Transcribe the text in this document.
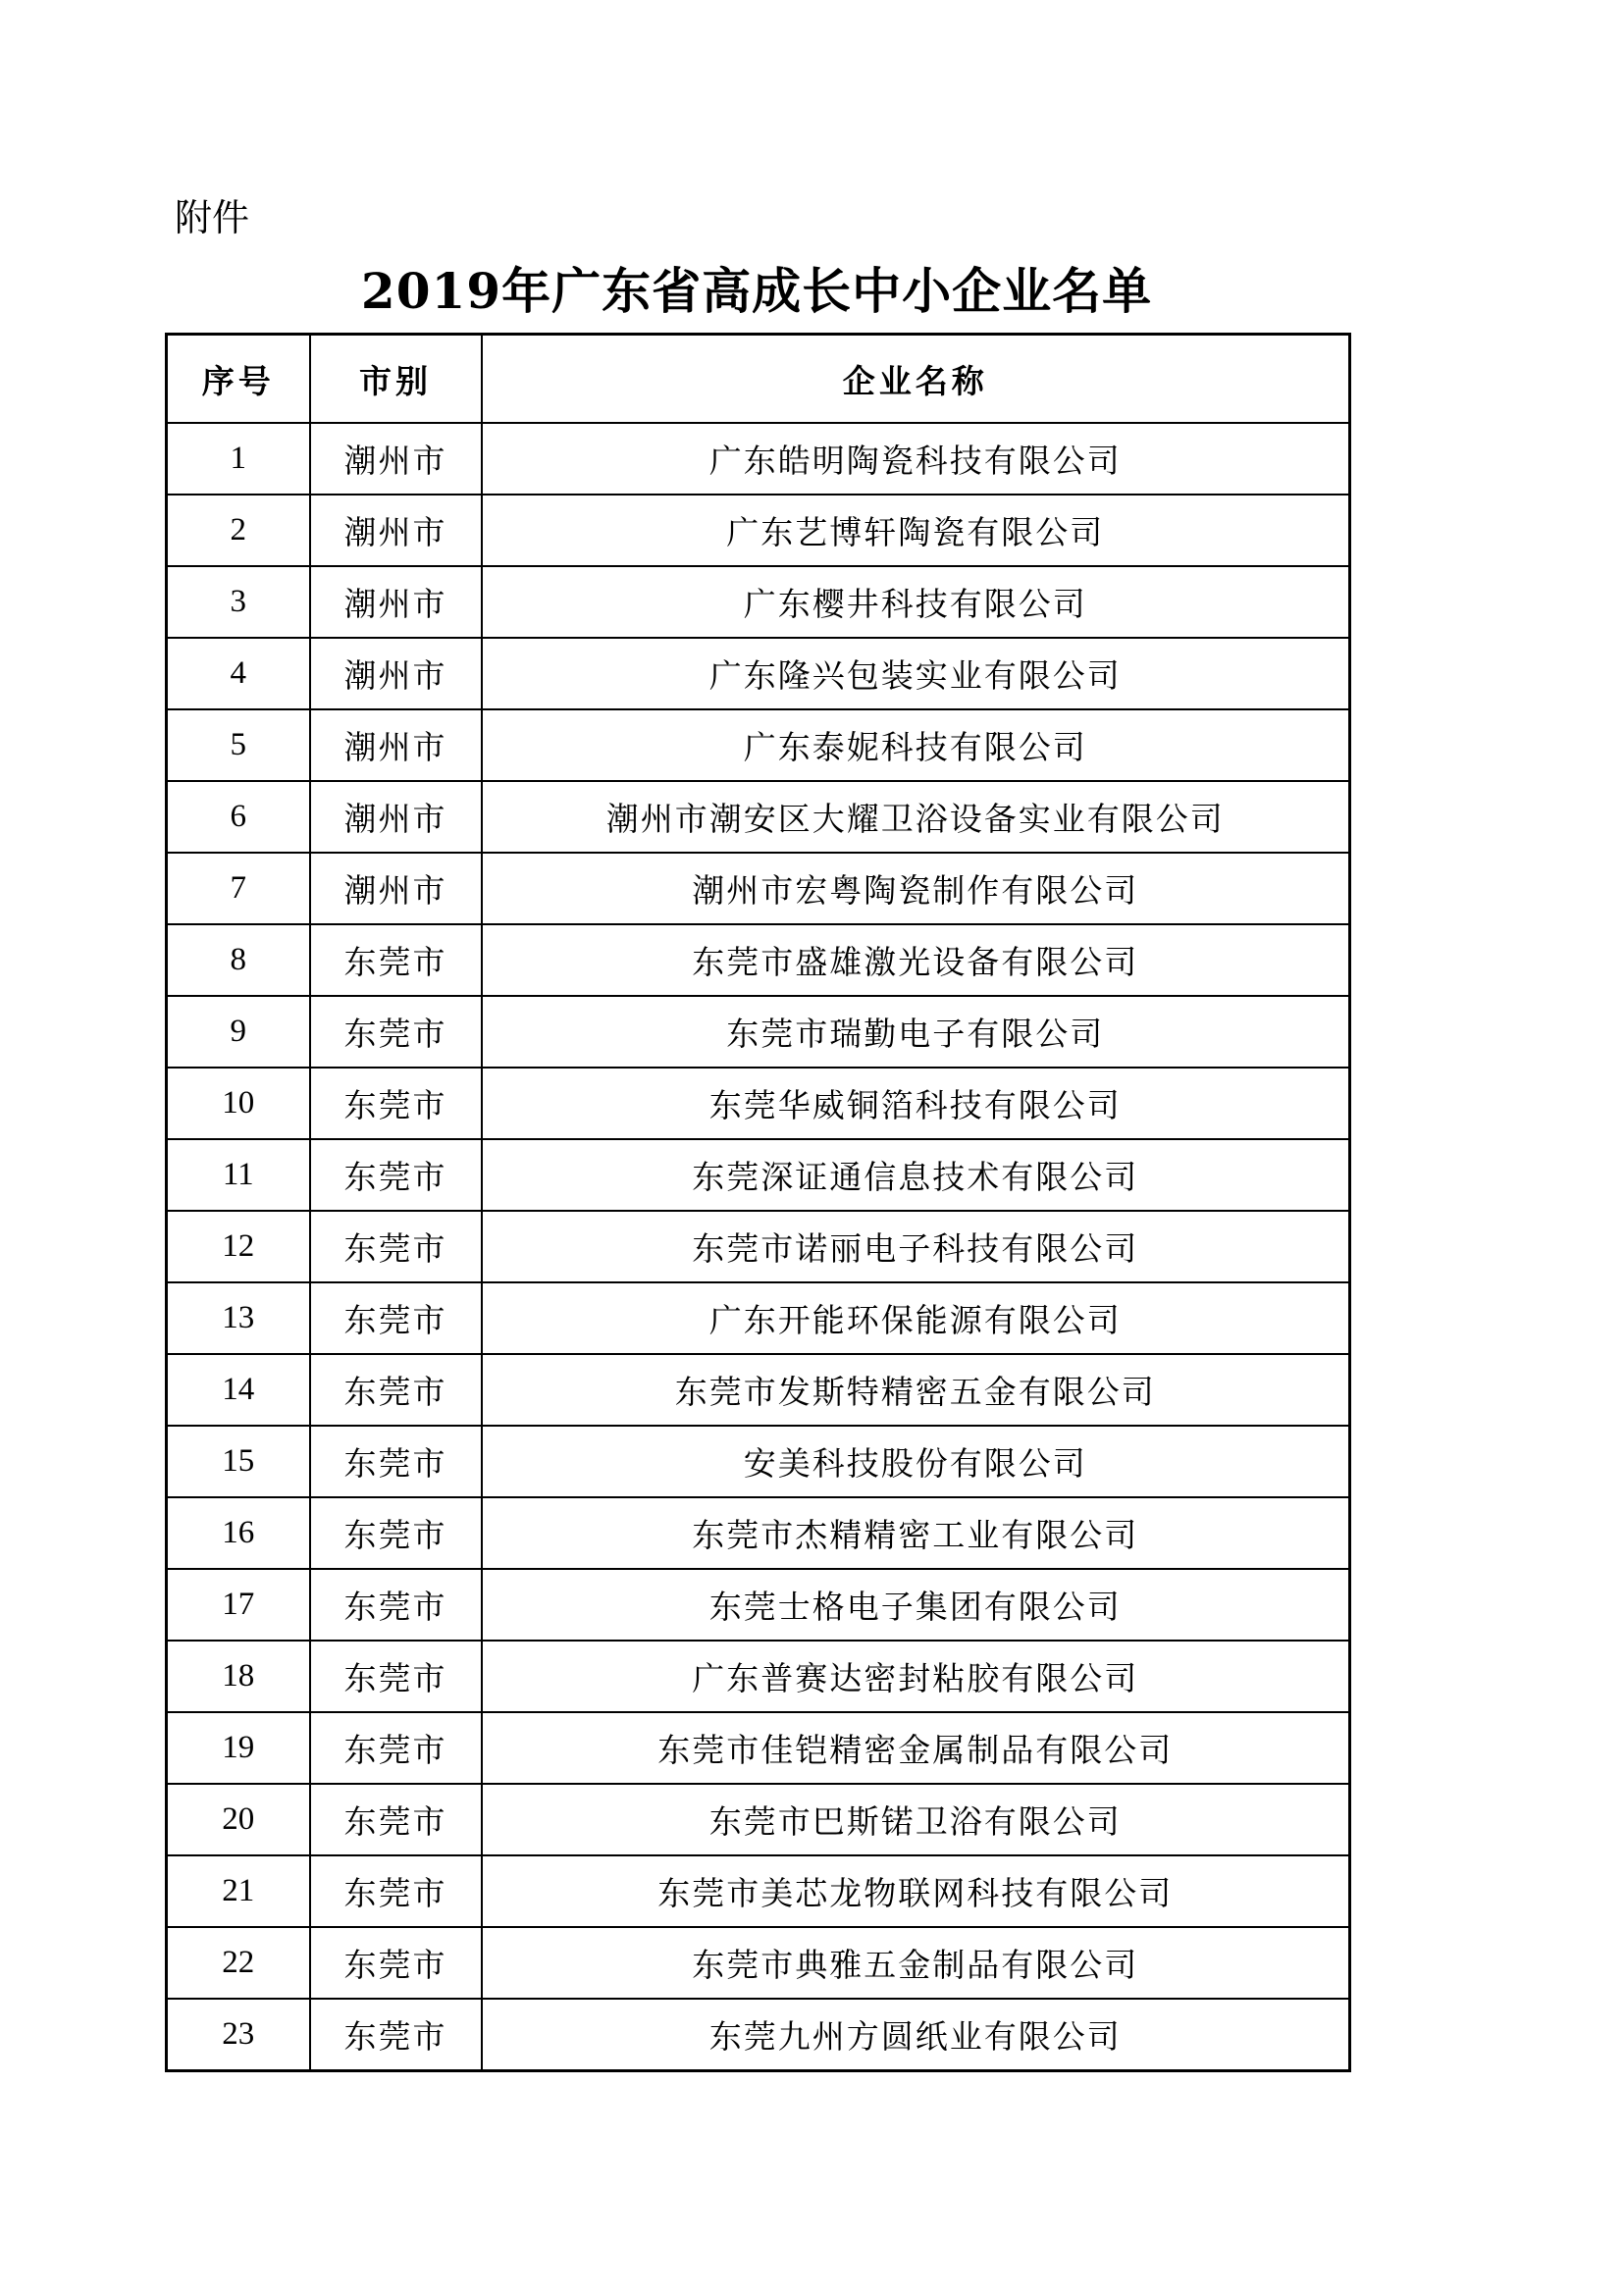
附件
2019年广东省高成长中小企业名单
序号	市别	企业名称
1	潮州市	广东皓明陶瓷科技有限公司
2	潮州市	广东艺博轩陶瓷有限公司
3	潮州市	广东樱井科技有限公司
4	潮州市	广东隆兴包装实业有限公司
5	潮州市	广东泰妮科技有限公司
6	潮州市	潮州市潮安区大耀卫浴设备实业有限公司
7	潮州市	潮州市宏粤陶瓷制作有限公司
8	东莞市	东莞市盛雄激光设备有限公司
9	东莞市	东莞市瑞勤电子有限公司
10	东莞市	东莞华威铜箔科技有限公司
11	东莞市	东莞深证通信息技术有限公司
12	东莞市	东莞市诺丽电子科技有限公司
13	东莞市	广东开能环保能源有限公司
14	东莞市	东莞市发斯特精密五金有限公司
15	东莞市	安美科技股份有限公司
16	东莞市	东莞市杰精精密工业有限公司
17	东莞市	东莞士格电子集团有限公司
18	东莞市	广东普赛达密封粘胶有限公司
19	东莞市	东莞市佳铠精密金属制品有限公司
20	东莞市	东莞市巴斯锘卫浴有限公司
21	东莞市	东莞市美芯龙物联网科技有限公司
22	东莞市	东莞市典雅五金制品有限公司
23	东莞市	东莞九州方圆纸业有限公司
